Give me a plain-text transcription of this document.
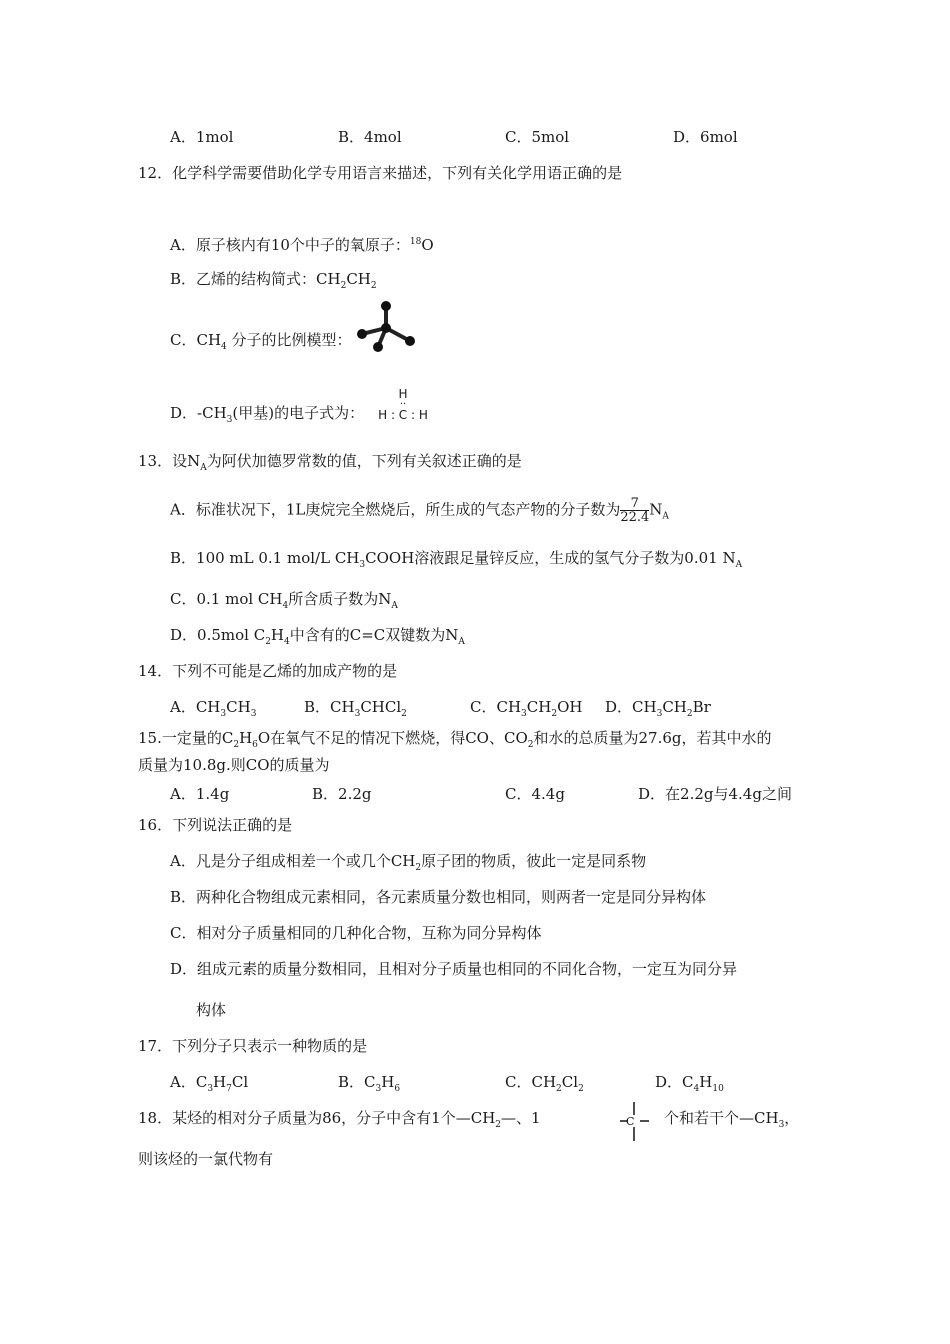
A．1mol	B．4mol	C．5mol	D．6mol
12．化学科学需要借助化学专用语言来描述，下列有关化学用语正确的是
A．原子核内有10个中子的氧原子：$^{18}$O
B．乙烯的结构简式：$CH_2CH_2$
C．$CH_4$ 分子的比例模型：
D．$-CH_3$(甲基)的电子式为：
H
··
H : C : H
13．设$N_A$为阿伏加德罗常数的值，下列有关叙述正确的是
A．标准状况下，1L庚烷完全燃烧后，所生成的气态产物的分子数为 $\frac{7}{22.4} N_A$
B．100 mL 0.1 mol/L $CH_3COOH$溶液跟足量锌反应，生成的氢气分子数为0.01 $N_A$
C．0.1 mol $CH_4$所含质子数为$N_A$
D．0.5mol $C_2H_4$中含有的C=C双键数为$N_A$
14．下列不可能是乙烯的加成产物的是
A．$CH_3CH_3$	B．$CH_3CHCl_2$	C．$CH_3CH_2OH$ D．$CH_3CH_2Br$
15.一定量的$C_2H_6O$在氧气不足的情况下燃烧，得CO、$CO_2$和水的总质量为27.6g，若其中水的
质量为10.8g.则CO的质量为
A．1.4g	B．2.2g	C．4.4g	D．在2.2g与4.4g之间
16．下列说法正确的是
A．凡是分子组成相差一个或几个$CH_2$原子团的物质，彼此一定是同系物
B．两种化合物组成元素相同，各元素质量分数也相同，则两者一定是同分异构体
C．相对分子质量相同的几种化合物，互称为同分异构体
D．组成元素的质量分数相同，且相对分子质量也相同的不同化合物，一定互为同分异
构体
17．下列分子只表示一种物质的是
A．$C_3H_7Cl$	B．$C_3H_6$	C．$CH_2Cl_2$	D．$C_4H_{10}$
18．某烃的相对分子质量为86，分子中含有1个$—CH_2—$、1	C 个和若干个$—CH_3$，
则该烃的一氯代物有
